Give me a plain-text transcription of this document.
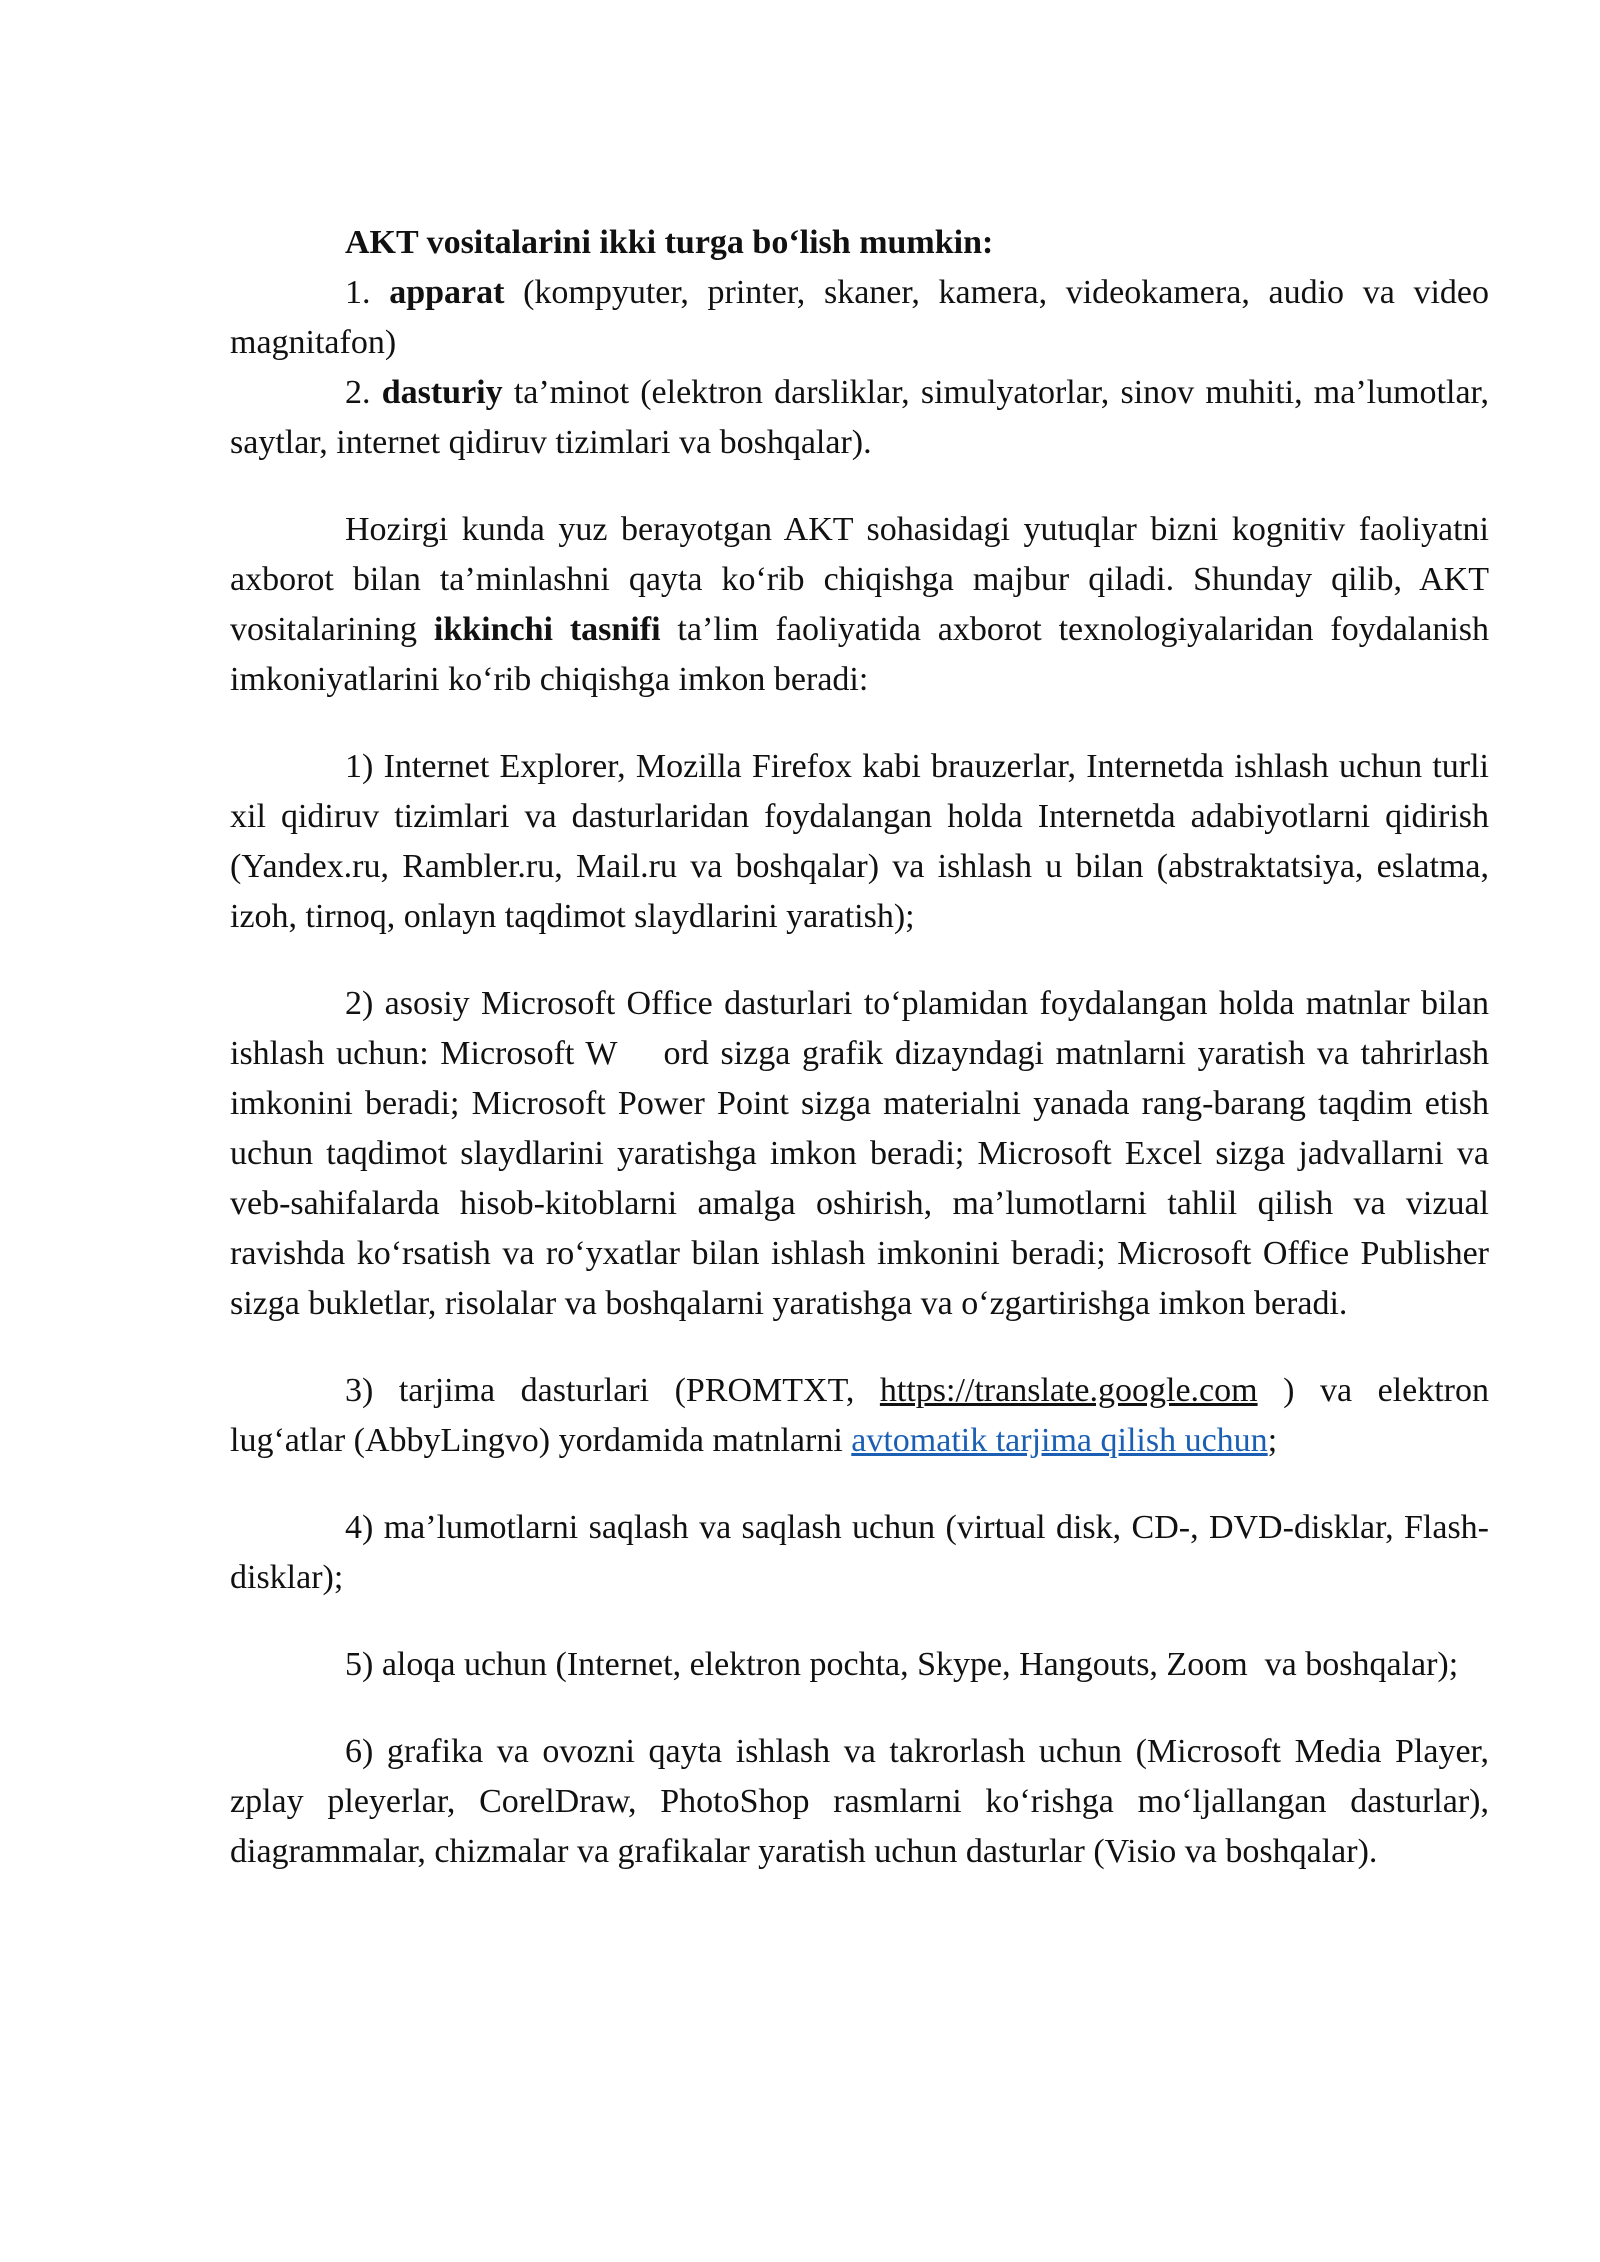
AKT vositalarini ikki turga bo‘lish mumkin:

1. apparat (kompyuter, printer, skaner, kamera, videokamera, audio va video magnitafon)

2. dasturiy ta’minot (elektron darsliklar, simulyatorlar, sinov muhiti, ma’lumotlar, saytlar, internet qidiruv tizimlari va boshqalar).

Hozirgi kunda yuz berayotgan AKT sohasidagi yutuqlar bizni kognitiv faoliyatni axborot bilan ta’minlashni qayta ko‘rib chiqishga majbur qiladi. Shunday qilib, AKT vositalarining ikkinchi tasnifi ta’lim faoliyatida axborot texnologiyalaridan foydalanish imkoniyatlarini ko‘rib chiqishga imkon beradi:

1) Internet Explorer, Mozilla Firefox kabi brauzerlar, Internetda ishlash uchun turli xil qidiruv tizimlari va dasturlaridan foydalangan holda Internetda adabiyotlarni qidirish (Yandex.ru, Rambler.ru, Mail.ru va boshqalar) va ishlash u bilan (abstraktatsiya, eslatma, izoh, tirnoq, onlayn taqdimot slaydlarini yaratish);

2) asosiy Microsoft Office dasturlari to‘plamidan foydalangan holda matnlar bilan ishlash uchun: Microsoft W    ord sizga grafik dizayndagi matnlarni yaratish va tahrirlash imkonini beradi; Microsoft Power Point sizga materialni yanada rang-barang taqdim etish uchun taqdimot slaydlarini yaratishga imkon beradi; Microsoft Excel sizga jadvallarni va veb-sahifalarda hisob-kitoblarni amalga oshirish, ma’lumotlarni tahlil qilish va vizual ravishda ko‘rsatish va ro‘yxatlar bilan ishlash imkonini beradi; Microsoft Office Publisher sizga bukletlar, risolalar va boshqalarni yaratishga va o‘zgartirishga imkon beradi.

3) tarjima dasturlari (PROMTXT, https://translate.google.com ) va elektron lug‘atlar (AbbyLingvo) yordamida matnlarni avtomatik tarjima qilish uchun;

4) ma’lumotlarni saqlash va saqlash uchun (virtual disk, CD-, DVD-disklar, Flash-disklar);

5) aloqa uchun (Internet, elektron pochta, Skype, Hangouts, Zoom  va boshqalar);

6) grafika va ovozni qayta ishlash va takrorlash uchun (Microsoft Media Player, zplay pleyerlar, CorelDraw, PhotoShop rasmlarni ko‘rishga mo‘ljallangan dasturlar), diagrammalar, chizmalar va grafikalar yaratish uchun dasturlar (Visio va boshqalar).
